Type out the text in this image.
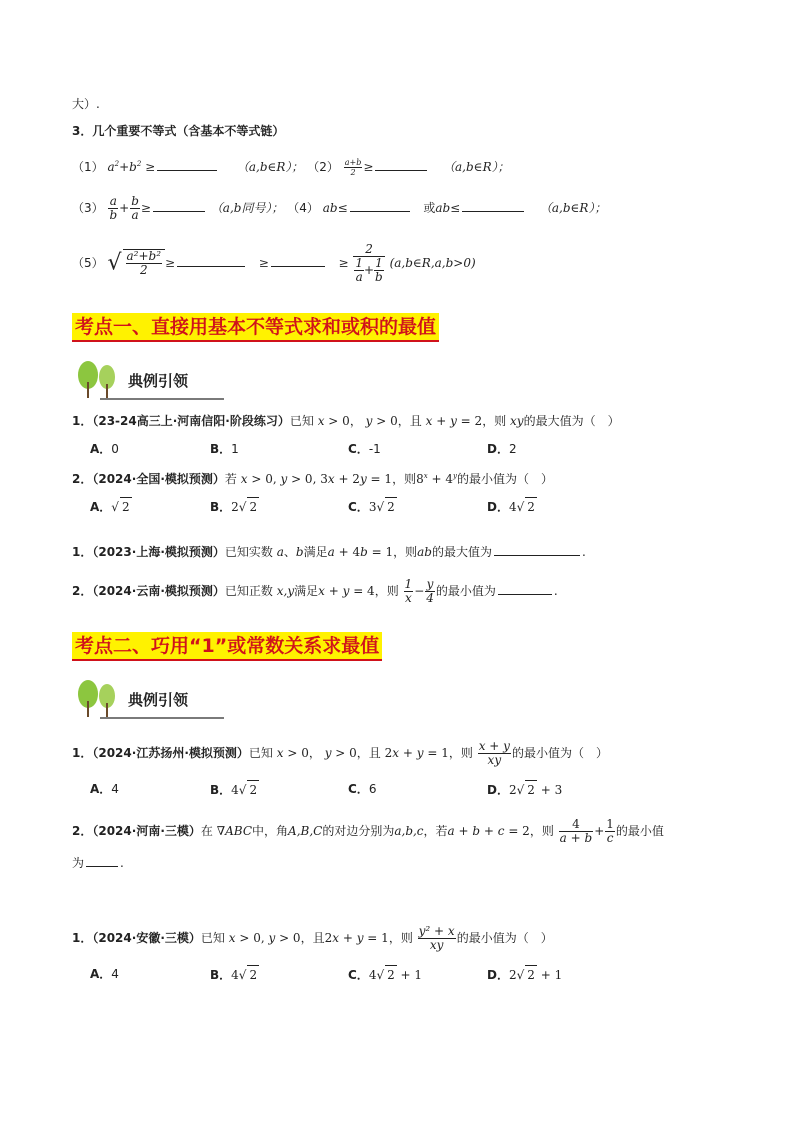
大）.
3．几个重要不等式（含基本不等式链）
（1） $a^2+b^2$ ≥	（a,b∈R）； $(2) \frac{a+b}{2}$ ≥	（a,b∈R）；
$(3) \frac{a}{b} + \frac{b}{a}$ ≥	（a,b同号）； （4） ab≤	或ab≤	（a,b∈R）；
（5） √ $\frac{\text{a²+b²}}{2}$ ≥	≥	≥ $\frac{2}{\frac{1}{a} + \frac{1}{b}}$ (a,b∈R,a,b>0)
考点一、直接用基本不等式求和或积的最值
典例引领
1．（23-24高三上·河南信阳·阶段练习）已知 x > 0， y > 0，且 x + y = 2，则 xy的最大值为（　）
A．0	B．1	C．-1	D．2
2．（2024·全国·模拟预测）若 x > 0, y > 0, 3x + 2y = 1，则$8^x + 4^y$的最小值为（　）
A．√ 2	B．2√ 2	C．3√ 2	D．4√ 2
1．（2023·上海·模拟预测）已知实数 a、b满足a + 4b = 1，则ab的最大值为	.
2．（2024·云南·模拟预测）已知正数 x,y满足x + y = 4，则 $\frac{1}{x} - \frac{y}{4}$ 的最小值为	.
考点二、巧用“1”或常数关系求最值
典例引领
1．（2024·江苏扬州·模拟预测）已知 x > 0， y > 0，且 2x + y = 1，则 $\frac{x + y}{xy}$ 的最小值为（　）
A．4	B．4√ 2	C．6	D．2√ 2 + 3
2．（2024·河南·三模）在 ∇ABC中，角A,B,C的对边分别为a,b,c，若a + b + c = 2，则 $\frac{4}{a + b} + \frac{1}{c}$ 的最小值
为	.
1．（2024·安徽·三模）已知 x > 0, y > 0，且2x + y = 1，则 $\frac{\text{y² + x}}{xy}$ 的最小值为（　）
A．4	B．4√ 2	C．4√ 2 + 1	D．2√ 2 + 1
